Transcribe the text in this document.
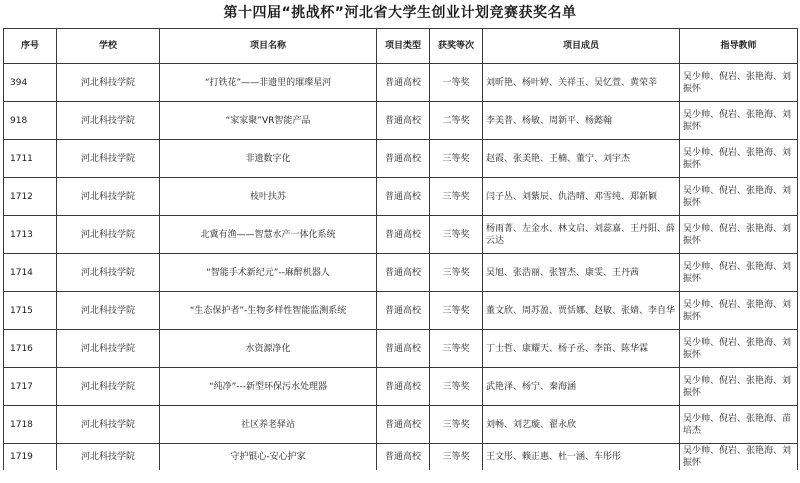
第十四届“挑战杯”河北省大学生创业计划竞赛获奖名单
序号	学校	项目名称	项目类型	获奖等次	项目成员	指导教师
394	河北科技学院	“打铁花”——非遗里的璀璨星河	普通高校	一等奖	刘昕艳、杨叶婷、关祥玉、吴忆萱、黄荣莘	吴少帅、倪岩、张艳海、刘振怀
918	河北科技学院	“家家聚”VR智能产品	普通高校	二等奖	李美普、杨敏、周新平、杨懿翰	吴少帅、倪岩、张艳海、刘振怀
1711	河北科技学院	非遗数字化	普通高校	三等奖	赵霞、张美艳、王楠、董宁、刘宇杰	吴少帅、倪岩、张艳海、刘振怀
1712	河北科技学院	枝叶扶苏	普通高校	三等奖	闫子丛、刘紫辰、仇浩晴、邓雪纯、郑新颖	吴少帅、倪岩、张艳海、刘振怀
1713	河北科技学院	北冀有渔——智慧水产一体化系统	普通高校	三等奖	杨雨菁、左金水、林文启、刘蕊嘉、王丹阳、薛云达	吴少帅、倪岩、张艳海、刘振怀
1714	河北科技学院	“智能手术新纪元”--麻醉机器人	普通高校	三等奖	吴旭、张浩丽、张智杰、康雯、王丹茜	吴少帅、倪岩、张艳海、刘振怀
1715	河北科技学院	“生态保护者”-生物多样性智能监测系统	普通高校	三等奖	董文欣、周苏盈、贾恬娜、赵敏、张婧、李自华	吴少帅、倪岩、张艳海、刘振怀
1716	河北科技学院	水资源净化	普通高校	三等奖	丁士哲、康耀天、杨子丞、李笛、陈华霖	吴少帅、倪岩、张艳海、刘振怀
1717	河北科技学院	“纯净”---新型环保污水处理器	普通高校	三等奖	武艳泽、杨宁、秦海涵	吴少帅、倪岩、张艳海、刘振怀
1718	河北科技学院	社区养老驿站	普通高校	三等奖	刘畅、刘艺璇、翟永欣	吴少帅、倪岩、张艳海、苗培杰
1719	河北科技学院	守护银心-安心护家	普通高校	三等奖	王文彤、赖正惠、杜一涵、车彤彤	吴少帅、倪岩、张艳海、刘振怀
